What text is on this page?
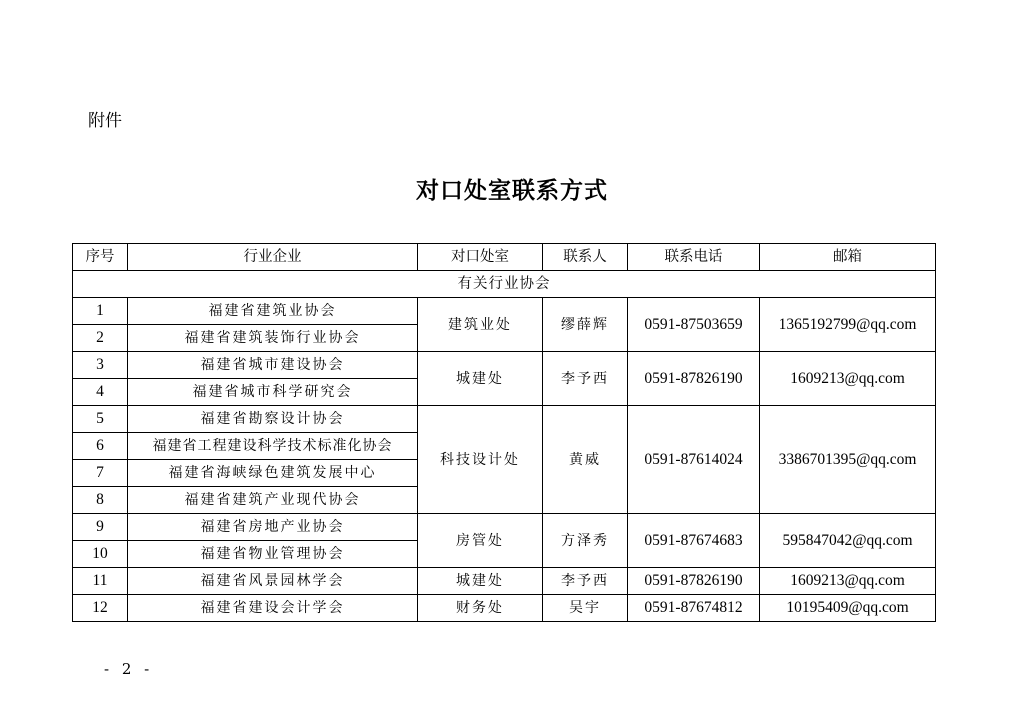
附件
对口处室联系方式
序号	行业企业	对口处室	联系人	联系电话	邮箱
有关行业协会					
1	福建省建筑业协会	建筑业处	缪薛辉	0591-87503659	1365192799@qq.com
2	福建省建筑装饰行业协会				
3	福建省城市建设协会	城建处	李予西	0591-87826190	1609213@qq.com
4	福建省城市科学研究会				
5	福建省勘察设计协会	科技设计处	黄威	0591-87614024	3386701395@qq.com
6	福建省工程建设科学技术标准化协会				
7	福建省海峡绿色建筑发展中心				
8	福建省建筑产业现代协会				
9	福建省房地产业协会	房管处	方泽秀	0591-87674683	595847042@qq.com
10	福建省物业管理协会				
11	福建省风景园林学会	城建处	李予西	0591-87826190	1609213@qq.com
12	福建省建设会计学会	财务处	吴宇	0591-87674812	10195409@qq.com
- 2 -
